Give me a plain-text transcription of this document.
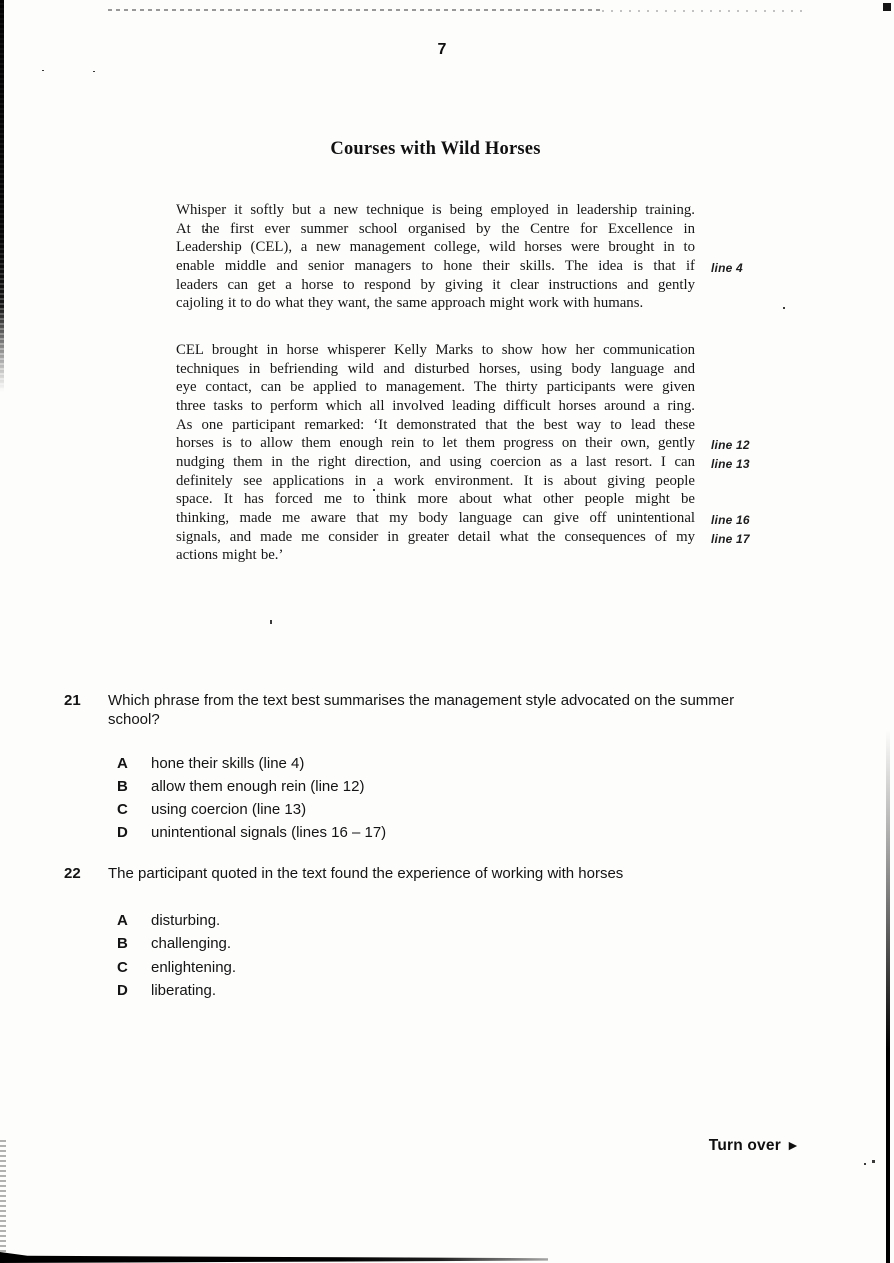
7
Courses with Wild Horses
Whisper it softly but a new technique is being employed in leadership training.
At the first ever summer school organised by the Centre for Excellence in
Leadership (CEL), a new management college, wild horses were brought in to
enable middle and senior managers to hone their skills. The idea is that if
leaders can get a horse to respond by giving it clear instructions and gently
cajoling it to do what they want, the same approach might work with humans.
CEL brought in horse whisperer Kelly Marks to show how her communication
techniques in befriending wild and disturbed horses, using body language and
eye contact, can be applied to management. The thirty participants were given
three tasks to perform which all involved leading difficult horses around a ring.
As one participant remarked: ‘It demonstrated that the best way to lead these
horses is to allow them enough rein to let them progress on their own, gently
nudging them in the right direction, and using coercion as a last resort. I can
definitely see applications in a work environment. It is about giving people
space. It has forced me to think more about what other people might be
thinking, made me aware that my body language can give off unintentional
signals, and made me consider in greater detail what the consequences of my
actions might be.’
line 4
line 12
line 13
line 16
line 17
21 Which phrase from the text best summarises the management style advocated on the summer
school?
A hone their skills (line 4)
B allow them enough rein (line 12)
C using coercion (line 13)
D unintentional signals (lines 16 – 17)
22 The participant quoted in the text found the experience of working with horses
A disturbing.
B challenging.
C enlightening.
D liberating.
Turn over ►
